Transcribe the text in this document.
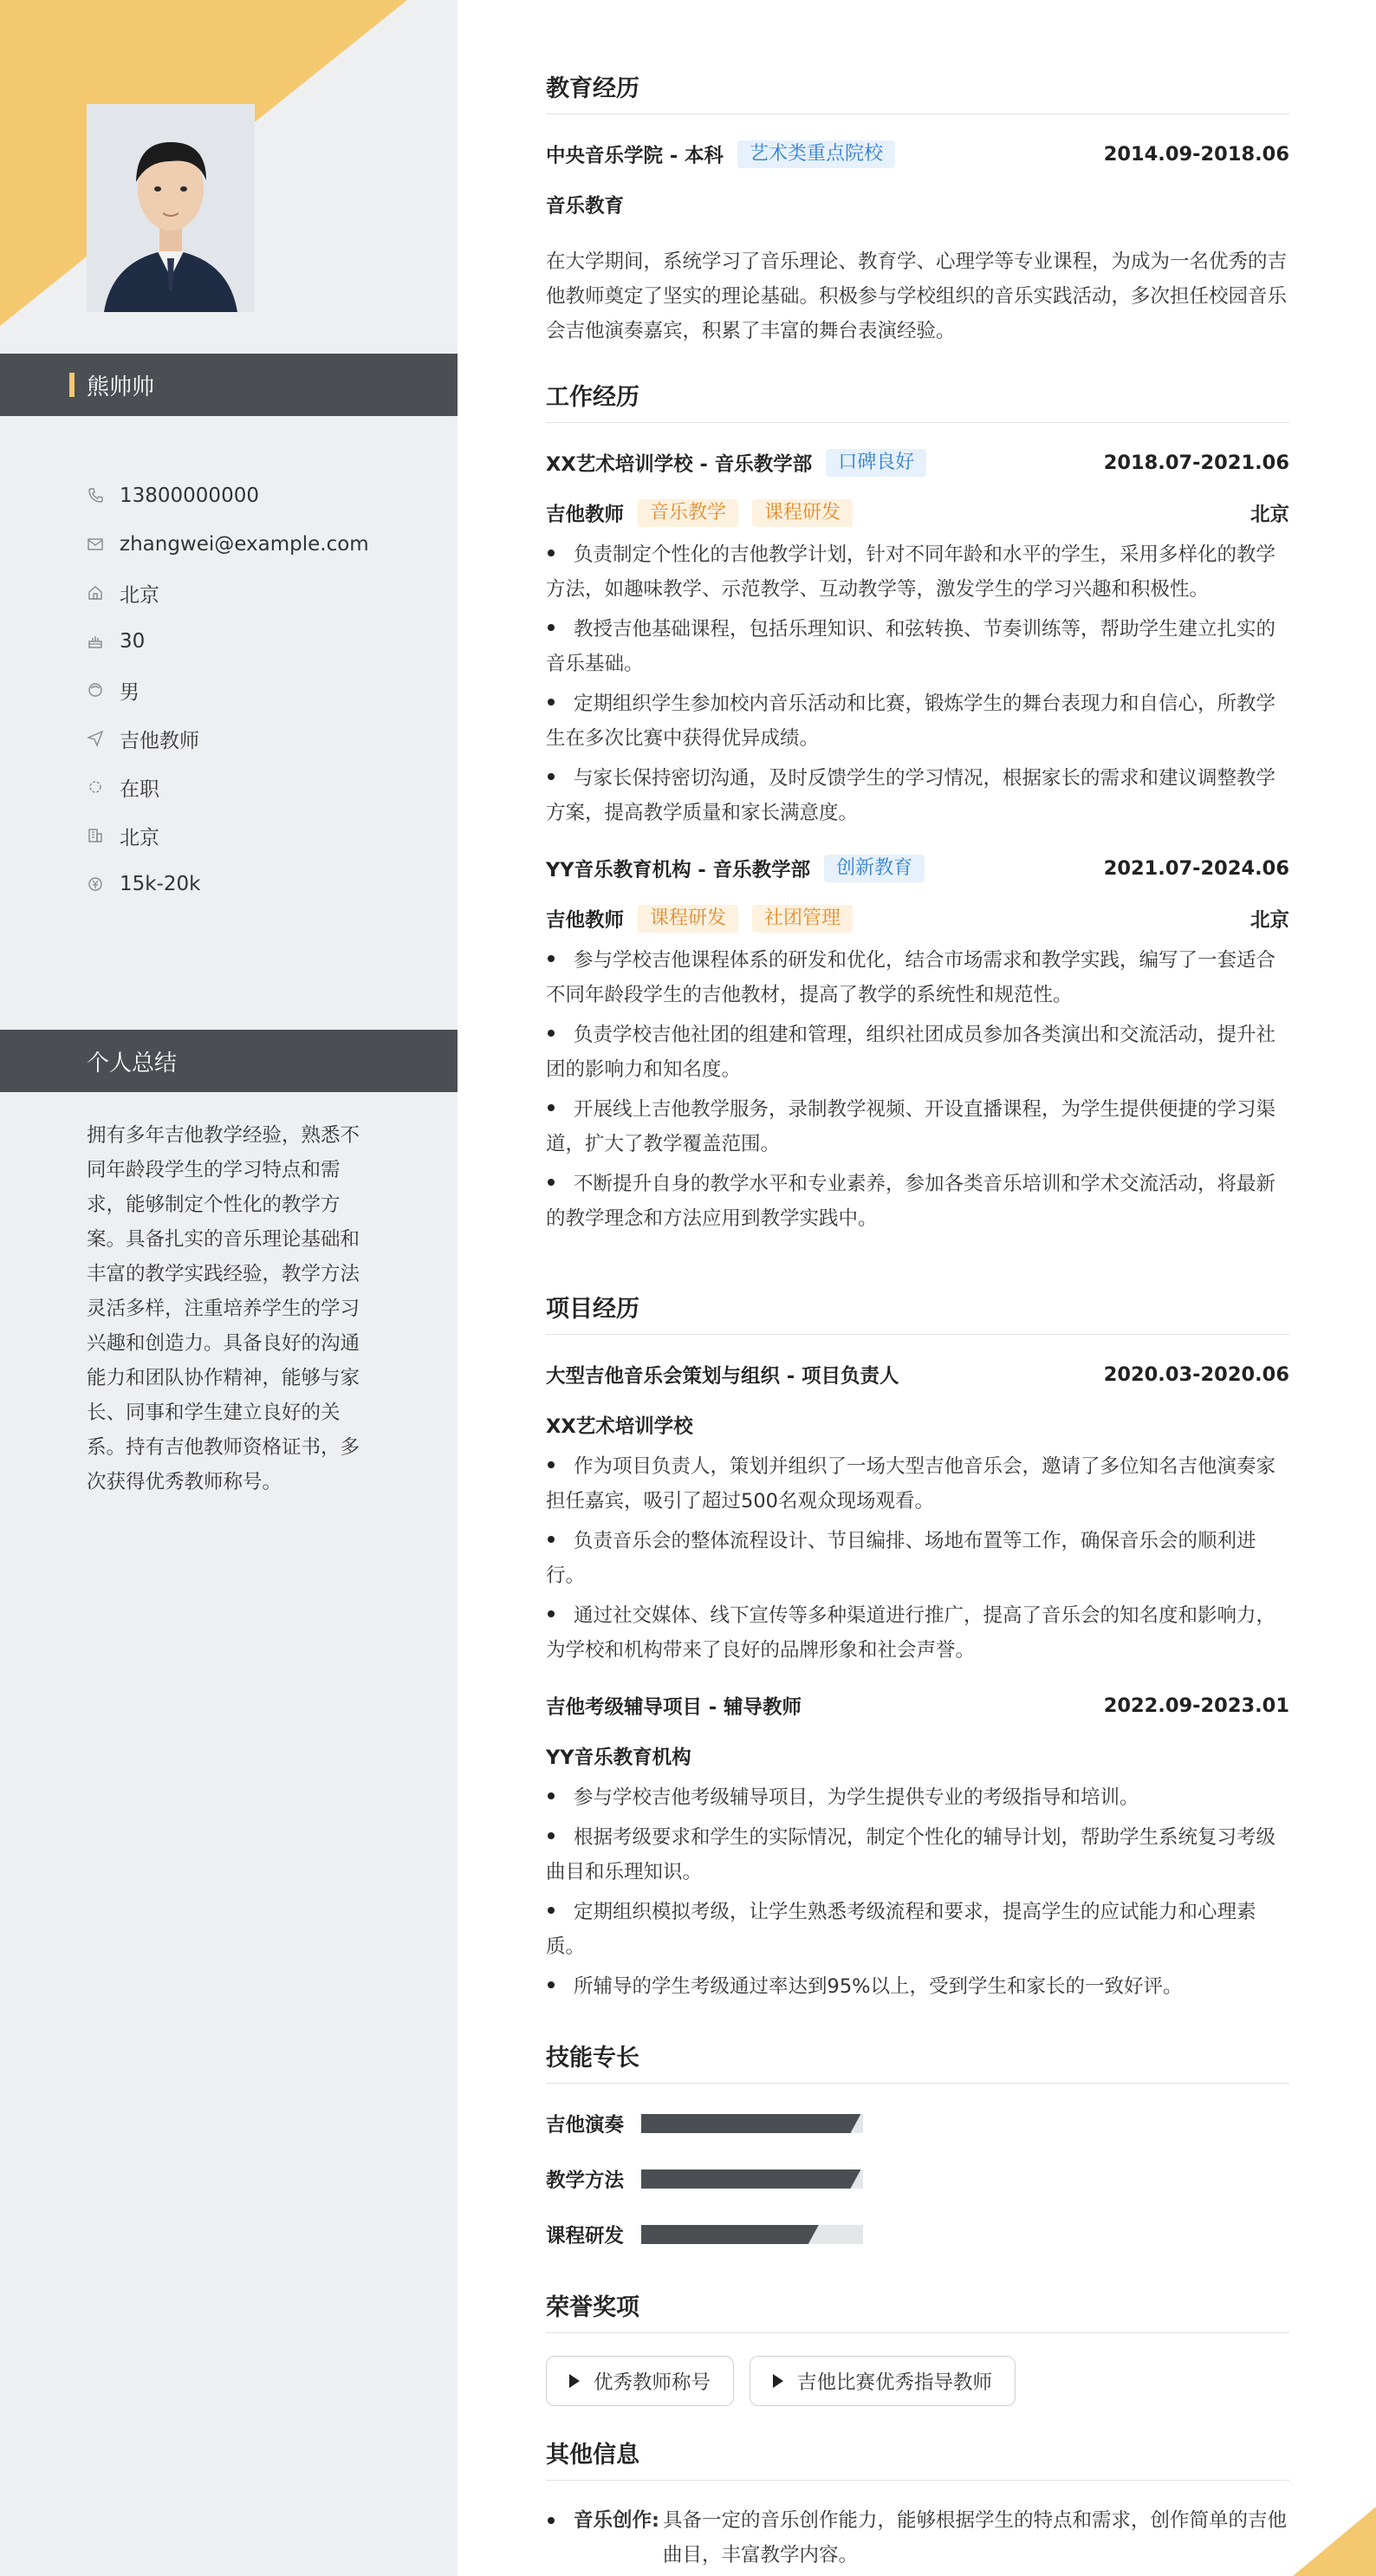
熊帅帅
13800000000
zhangwei@example.com
北京
30
男
吉他教师
在职
北京
15k-20k
个人总结

拥有多年吉他教学经验，熟悉不同年龄段学生的学习特点和需求，能够制定个性化的教学方案。具备扎实的音乐理论基础和丰富的教学实践经验，教学方法灵活多样，注重培养学生的学习兴趣和创造力。具备良好的沟通能力和团队协作精神，能够与家长、同事和学生建立良好的关系。持有吉他教师资格证书，多次获得优秀教师称号。

教育经历
中央音乐学院 - 本科	艺术类重点院校	2014.09-2018.06
音乐教育

在大学期间，系统学习了音乐理论、教育学、心理学等专业课程，为成为一名优秀的吉他教师奠定了坚实的理论基础。积极参与学校组织的音乐实践活动，多次担任校园音乐会吉他演奏嘉宾，积累了丰富的舞台表演经验。

工作经历
XX艺术培训学校 - 音乐教学部	口碑良好	2018.07-2021.06
吉他教师	音乐教学	课程研发	北京
负责制定个性化的吉他教学计划，针对不同年龄和水平的学生，采用多样化的教学方法，如趣味教学、示范教学、互动教学等，激发学生的学习兴趣和积极性。
教授吉他基础课程，包括乐理知识、和弦转换、节奏训练等，帮助学生建立扎实的音乐基础。
定期组织学生参加校内音乐活动和比赛，锻炼学生的舞台表现力和自信心，所教学生在多次比赛中获得优异成绩。
与家长保持密切沟通，及时反馈学生的学习情况，根据家长的需求和建议调整教学方案，提高教学质量和家长满意度。
YY音乐教育机构 - 音乐教学部	创新教育	2021.07-2024.06
吉他教师	课程研发	社团管理	北京
参与学校吉他课程体系的研发和优化，结合市场需求和教学实践，编写了一套适合不同年龄段学生的吉他教材，提高了教学的系统性和规范性。
负责学校吉他社团的组建和管理，组织社团成员参加各类演出和交流活动，提升社团的影响力和知名度。
开展线上吉他教学服务，录制教学视频、开设直播课程，为学生提供便捷的学习渠道，扩大了教学覆盖范围。
不断提升自身的教学水平和专业素养，参加各类音乐培训和学术交流活动，将最新的教学理念和方法应用到教学实践中。
项目经历
大型吉他音乐会策划与组织 - 项目负责人	2020.03-2020.06
XX艺术培训学校
作为项目负责人，策划并组织了一场大型吉他音乐会，邀请了多位知名吉他演奏家担任嘉宾，吸引了超过500名观众现场观看。
负责音乐会的整体流程设计、节目编排、场地布置等工作，确保音乐会的顺利进行。
通过社交媒体、线下宣传等多种渠道进行推广，提高了音乐会的知名度和影响力，为学校和机构带来了良好的品牌形象和社会声誉。
吉他考级辅导项目 - 辅导教师	2022.09-2023.01
YY音乐教育机构
参与学校吉他考级辅导项目，为学生提供专业的考级指导和培训。
根据考级要求和学生的实际情况，制定个性化的辅导计划，帮助学生系统复习考级曲目和乐理知识。
定期组织模拟考级，让学生熟悉考级流程和要求，提高学生的应试能力和心理素质。
所辅导的学生考级通过率达到95%以上，受到学生和家长的一致好评。
技能专长
吉他演奏
教学方法
课程研发
荣誉奖项
优秀教师称号	吉他比赛优秀指导教师
其他信息
音乐创作: 具备一定的音乐创作能力，能够根据学生的特点和需求，创作简单的吉他曲目，丰富教学内容。
